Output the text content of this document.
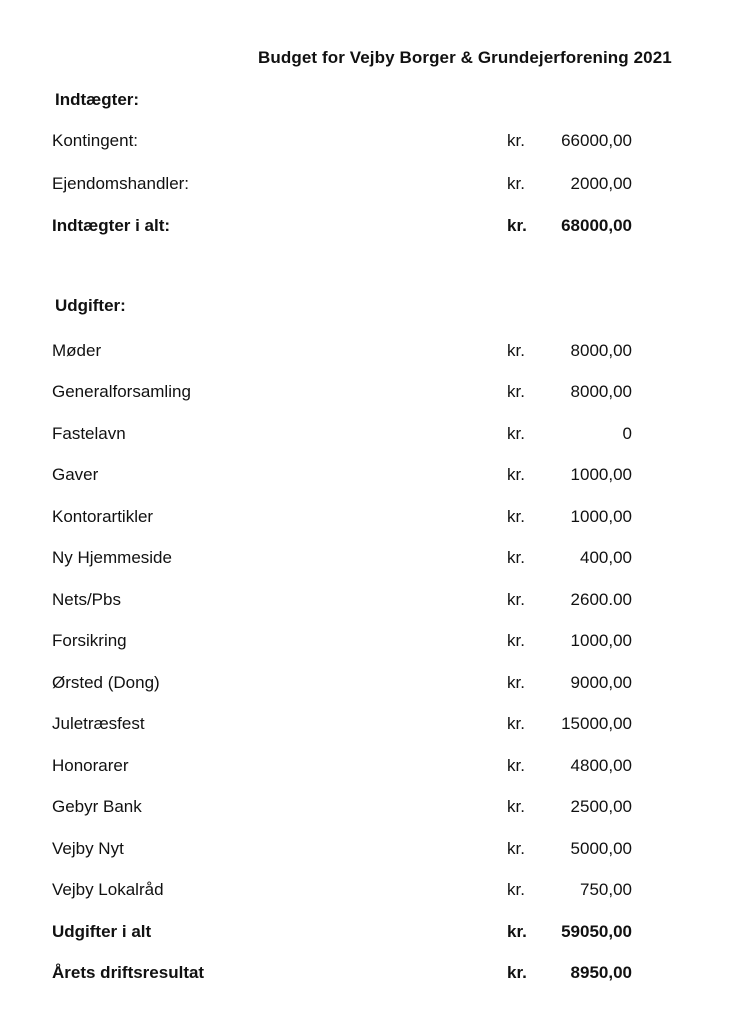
Budget for Vejby Borger & Grundejerforening 2021
Indtægter:
Kontingent:	kr. 66000,00
Ejendomshandler:	kr.	2000,00
Indtægter i alt:	kr. 68000,00
Udgifter:
Møder	kr.	8000,00
Generalforsamling	kr.	8000,00
Fastelavn	kr.	0
Gaver	kr.	1000,00
Kontorartikler	kr.	1000,00
Ny Hjemmeside	kr.	400,00
Nets/Pbs	kr.	2600.00
Forsikring	kr.	1000,00
Ørsted (Dong)	kr.	9000,00
Juletræsfest	kr. 15000,00
Honorarer	kr.	4800,00
Gebyr Bank	kr.	2500,00
Vejby Nyt	kr.	5000,00
Vejby Lokalråd	kr.	750,00
Udgifter i alt	kr. 59050,00
Årets driftsresultat	kr.	8950,00
